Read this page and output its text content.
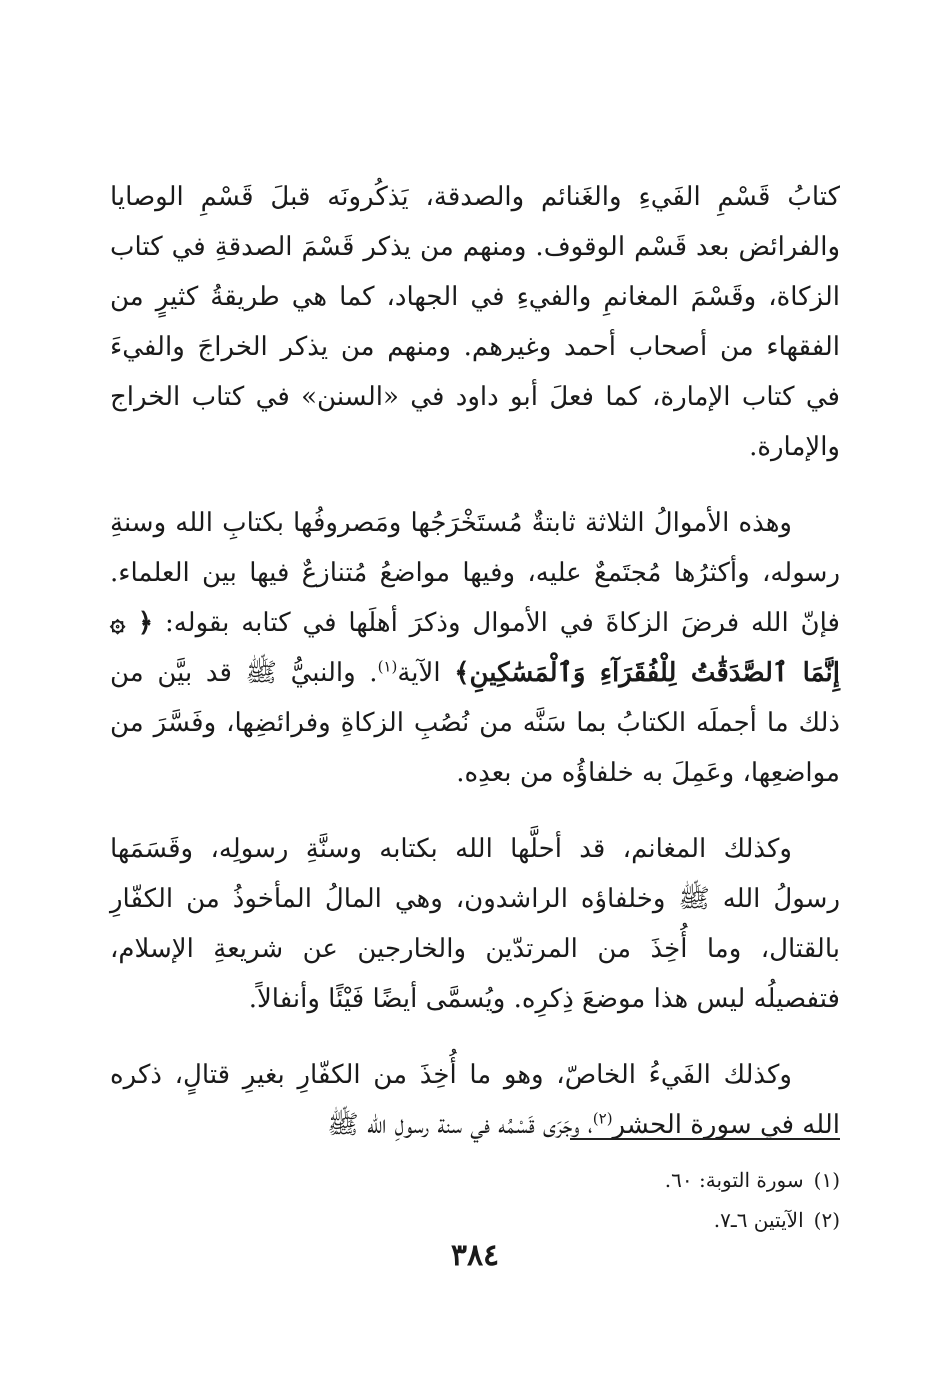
كتابُ قَسْمِ الفَيءِ والغَنائم والصدقة، يَذكُرونَه قبلَ قَسْمِ الوصايا والفرائض بعد قَسْم الوقوف. ومنهم من يذكر قَسْمَ الصدقةِ في كتاب الزكاة، وقَسْمَ المغانمِ والفيءِ في الجهاد، كما هي طريقةُ كثيرٍ من الفقهاء من أصحاب أحمد وغيرهم. ومنهم من يذكر الخراجَ والفيءَ في كتاب الإمارة، كما فعلَ أبو داود في «السنن» في كتاب الخراج والإمارة.

وهذه الأموالُ الثلاثة ثابتةٌ مُستَخْرَجُها ومَصروفُها بكتابِ الله وسنةِ رسوله، وأكثرُها مُجتَمعٌ عليه، وفيها مواضعُ مُتنازعٌ فيها بين العلماء. فإنّ الله فرضَ الزكاةَ في الأموال وذكرَ أهلَها في كتابه بقوله: ﴿ ۞ إِنَّمَا ٱلصَّدَقَٰتُ لِلْفُقَرَآءِ وَٱلْمَسَٰكِينِ﴾ الآية$^{(١)}$. والنبيُّ ﷺ قد بيَّن من ذلك ما أجملَه الكتابُ بما سَنَّه من نُصُبِ الزكاةِ وفرائضِها، وفَسَّرَ من مواضعِها، وعَمِلَ به خلفاؤُه من بعدِه.

وكذلك المغانم، قد أحلَّها الله بكتابه وسنَّةِ رسولِه، وقَسَمَها رسولُ الله ﷺ وخلفاؤه الراشدون، وهي المالُ المأخوذُ من الكفّارِ بالقتال، وما أُخِذَ من المرتدّين والخارجين عن شريعةِ الإسلام، فتفصيلُه ليس هذا موضعَ ذِكرِه. ويُسمَّى أيضًا فَيْئًا وأنفالاً.

وكذلك الفَيءُ الخاصّ، وهو ما أُخِذَ من الكفّارِ بغيرِ قتالٍ، ذكره الله في سورة الحشر$^{(٢)}$، وجَرَى قَسْمُه في سنة رسولِ الله ﷺ

(١)سورة التوبة: ٦٠.

(٢)الآيتين ٦ـ٧.

٣٨٤
